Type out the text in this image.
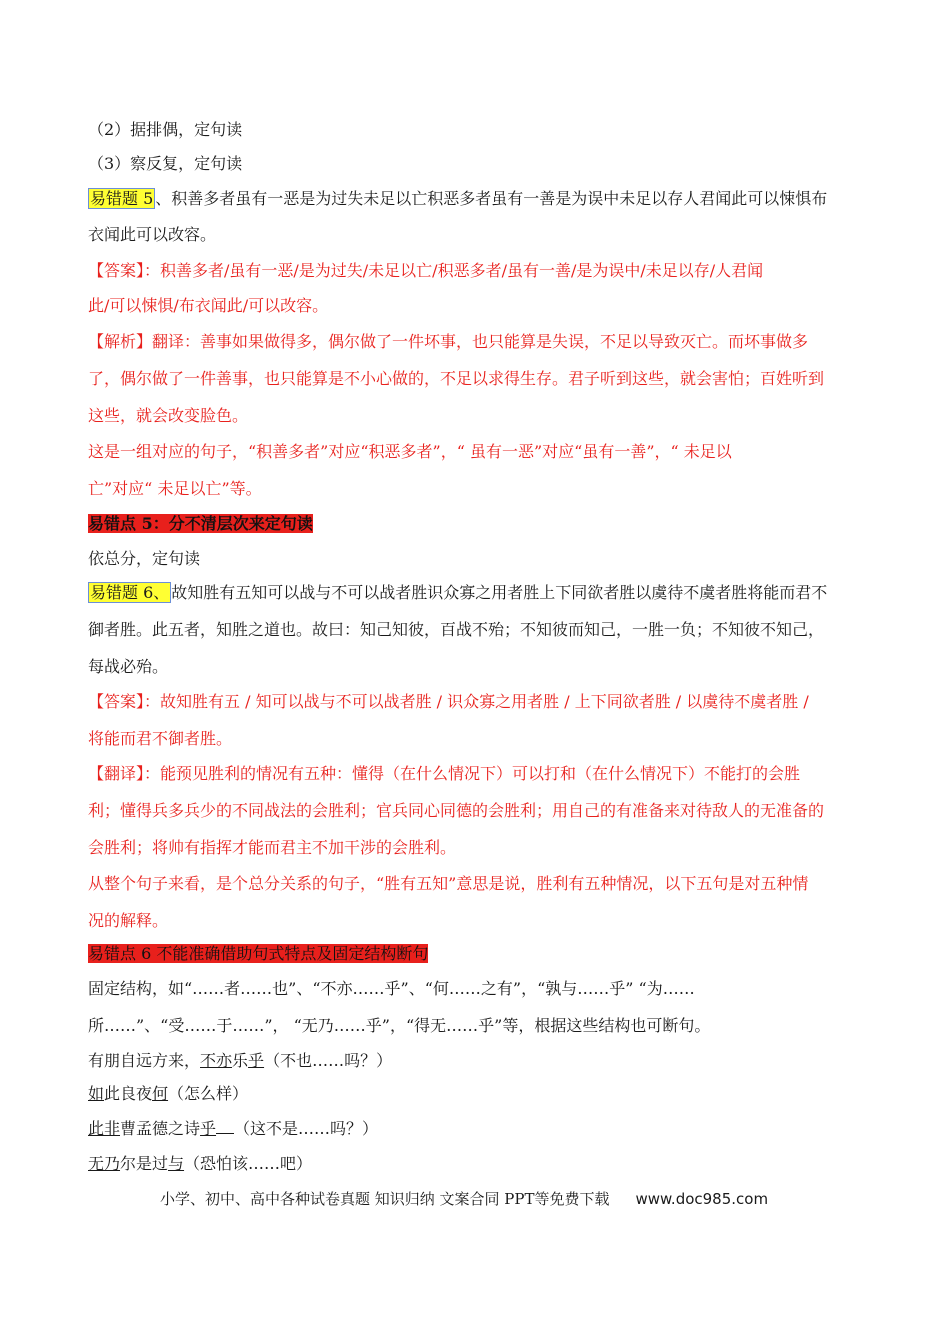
（2）据排偶，定句读
（3）察反复，定句读
易错题 5 、积善多者虽有一恶是为过失未足以亡积恶多者虽有一善是为误中未足以存人君闻此可以悚惧布
衣闻此可以改容。
【答案】：积善多者/虽有一恶/是为过失/未足以亡/积恶多者/虽有一善/是为误中/未足以存/人君闻
此/可以悚惧/布衣闻此/可以改容。
【解析】翻译：善事如果做得多，偶尔做了一件坏事，也只能算是失误，不足以导致灭亡。而坏事做多
了，偶尔做了一件善事，也只能算是不小心做的，不足以求得生存。君子听到这些，就会害怕；百姓听到
这些，就会改变脸色。
这是一组对应的句子，“积善多者”对应“积恶多者”，“ 虽有一恶”对应“虽有一善”，“ 未足以
亡”对应“ 未足以亡”等。
易错点 5：分不清层次来定句读
依总分，定句读
易错题 6、 故知胜有五知可以战与不可以战者胜识众寡之用者胜上下同欲者胜以虞待不虞者胜将能而君不
御者胜。此五者，知胜之道也。故曰：知己知彼，百战不殆；不知彼而知己，一胜一负；不知彼不知己，
每战必殆。
【答案】：故知胜有五 / 知可以战与不可以战者胜 / 识众寡之用者胜 / 上下同欲者胜 / 以虞待不虞者胜 /
将能而君不御者胜。
【翻译】：能预见胜利的情况有五种：懂得（在什么情况下）可以打和（在什么情况下）不能打的会胜
利；懂得兵多兵少的不同战法的会胜利；官兵同心同德的会胜利；用自己的有准备来对待敌人的无准备的
会胜利；将帅有指挥才能而君主不加干涉的会胜利。
从整个句子来看，是个总分关系的句子，“胜有五知”意思是说，胜利有五种情况，以下五句是对五种情
况的解释。
易错点 6 不能准确借助句式特点及固定结构断句
固定结构，如“……者……也”、“不亦……乎”、“何……之有”，“孰与……乎” “为……
所……”、“受……于……”， “无乃……乎”，“得无……乎”等，根据这些结构也可断句。
有朋自远方来，不亦乐乎（不也……吗？）
如此良夜何（怎么样）
此非曹孟德之诗乎 （这不是……吗？）
无乃尔是过与（恐怕该……吧）
小学、初中、高中各种试卷真题 知识归纳 文案合同 PPT等免费下载 www.doc985.com
